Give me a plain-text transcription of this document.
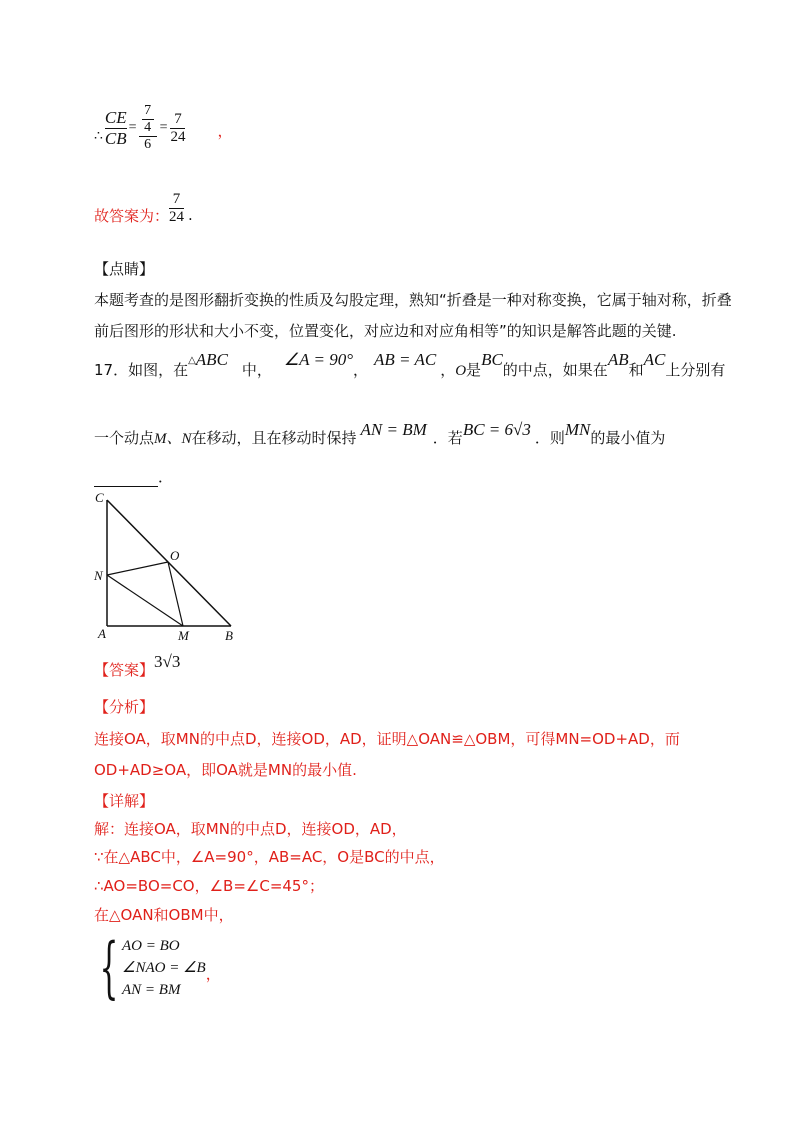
∴ $\frac{CE}{CB} = \frac{\frac{7}{4}}{6} = \frac{7}{24}$ ，
故答案为： $\frac{7}{24}$ .
【点睛】
本题考查的是图形翻折变换的性质及勾股定理，熟知“折叠是一种对称变换，它属于轴对称，折叠
前后图形的形状和大小不变，位置变化，对应边和对应角相等”的知识是解答此题的关键.
17．如图，在
△ ABC
中，
∠A = 90°
，
AB = AC
， O 是
BC
的中点，如果在
AB
和
AC
上分别有
一个动点 M、N 在移动，且在移动时保持 AN = BM ．若 BC = 6√3 ．则 MN 的最小值为
．
C
O
N
A	M	B
【答案】 3√3
【分析】
连接OA，取MN的中点D，连接OD，AD，证明△OAN≌△OBM，可得MN=OD+AD，而
OD+AD≥OA，即OA就是MN的最小值.
【详解】
解：连接OA，取MN的中点D，连接OD，AD，
∵在△ABC中，∠A=90°，AB=AC，O是BC的中点，
∴AO=BO=CO，∠B=∠C=45°；
在△OAN和OBM中，
{ AO = BO
∠NAO = ∠B ，
AN = BM
